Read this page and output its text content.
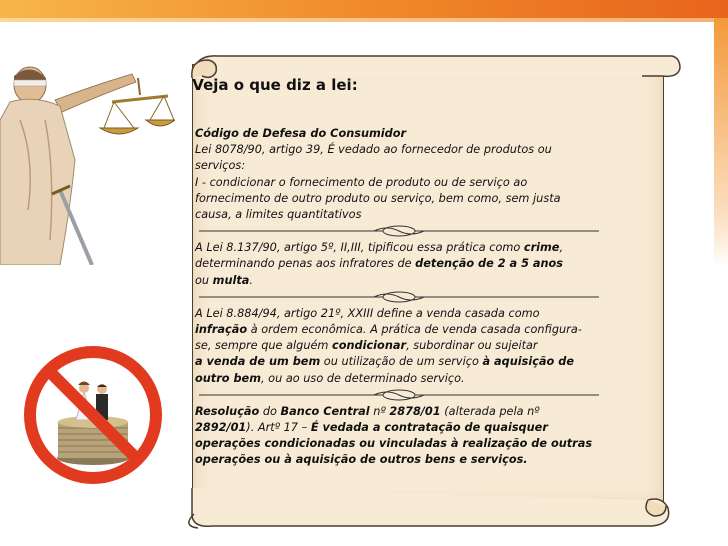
Veja o que diz a lei:

Código de Defesa do Consumidor

Lei 8078/90, artigo 39, É vedado ao fornecedor de produtos ou

serviços:

I - condicionar o fornecimento de produto ou de serviço ao

fornecimento de outro produto ou serviço, bem como, sem justa

causa, a limites quantitativos

A Lei 8.137/90, artigo 5º, II,III, tipificou essa prática como crime,

determinando penas aos infratores de detenção de 2 a 5 anos

ou multa.

A Lei 8.884/94, artigo 21º, XXIII define a venda casada como

infração à ordem econômica. A prática de venda casada configura-

se, sempre que alguém condicionar, subordinar ou sujeitar

a venda de um bem ou utilização de um serviço à aquisição de

outro bem, ou ao uso de determinado serviço.

Resolução do Banco Central nº 2878/01 (alterada pela nº

2892/01). Artº 17 – É vedada a contratação de quaisquer

operações condicionadas ou vinculadas à realização de outras

operações ou à aquisição de outros bens e serviços.
